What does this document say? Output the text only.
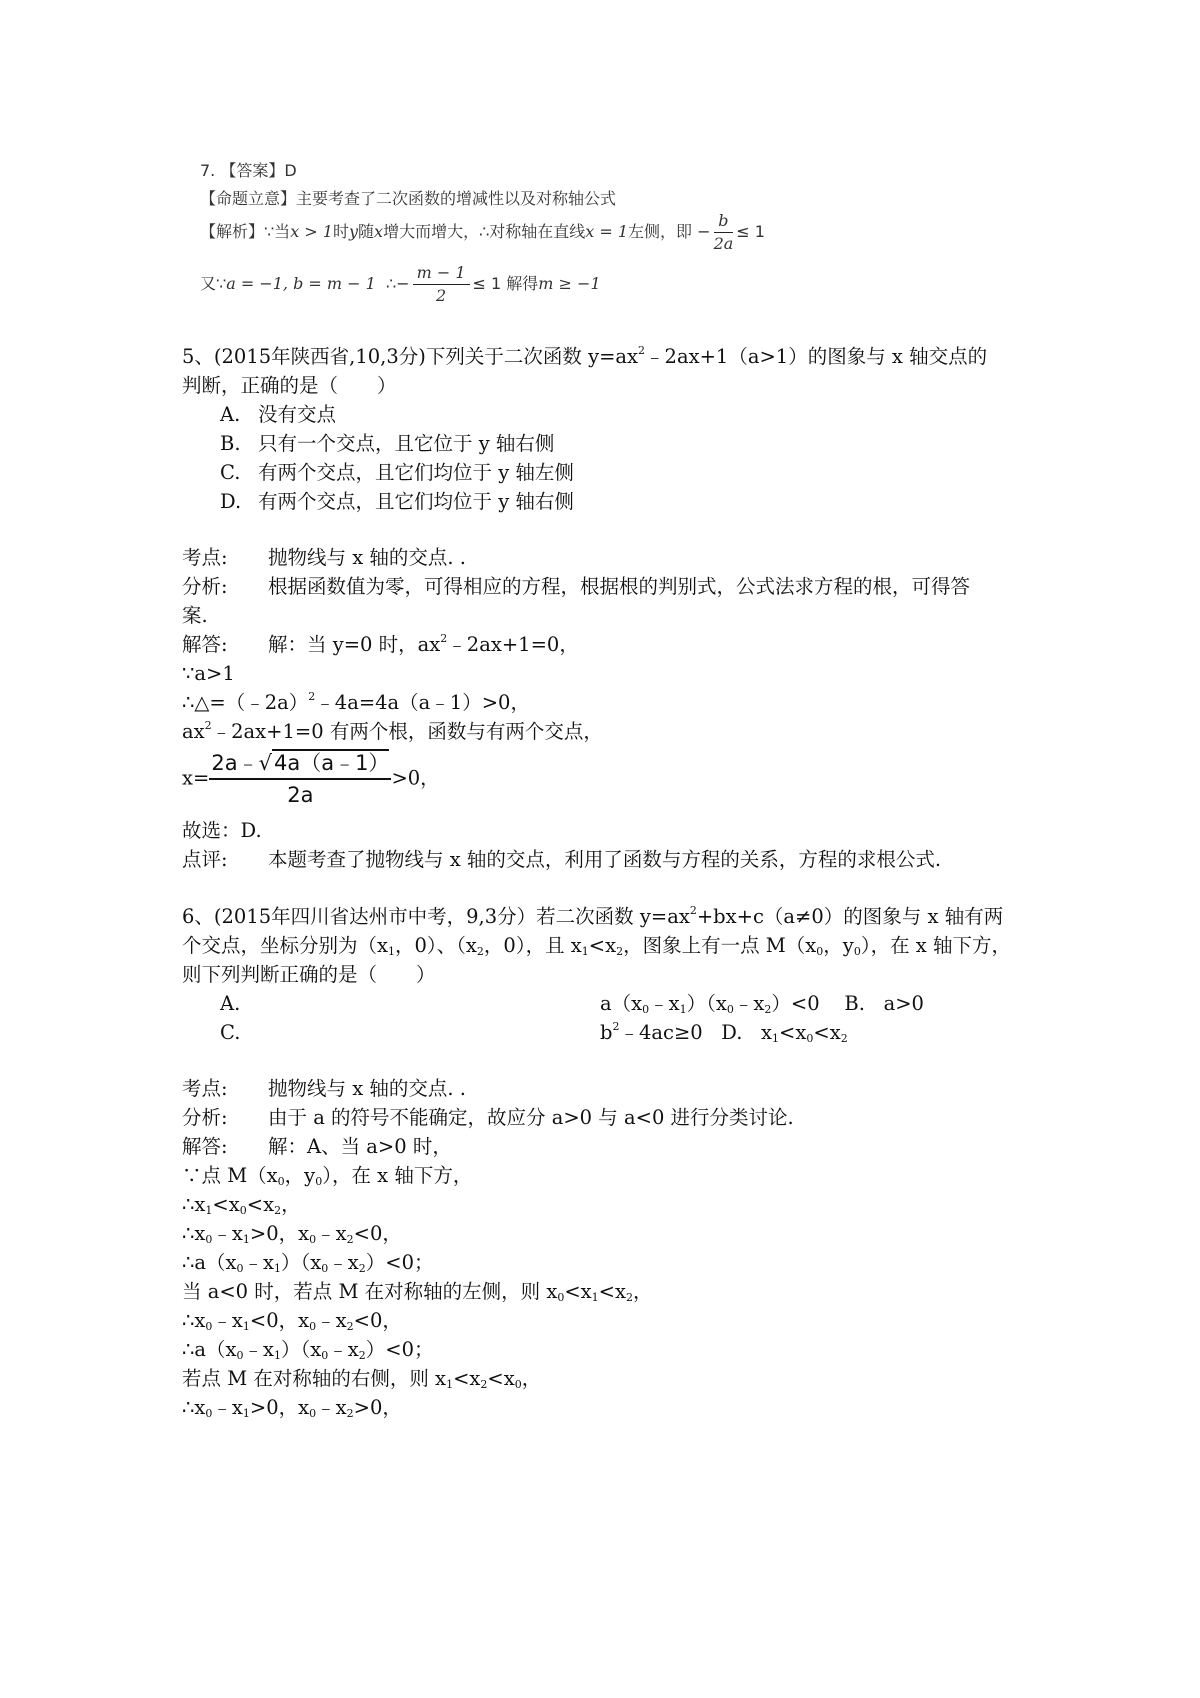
7. 【答案】D
【命题立意】主要考查了二次函数的增减性以及对称轴公式
【解析】∵当x > 1时y随x增大而增大，∴对称轴在直线x = 1左侧，即 − $\frac{b}{2a} \le 1$
又∵a = −1, b = m − 1 ∴− $\frac{m - 1}{2} \le 1$ 解得m ≥ −1
5、(2015年陕西省,10,3分)下列关于二次函数 $y=ax^2﹣2ax+1(a>1)$的图象与 x 轴交点的
判断，正确的是（　　）
A. 没有交点
B. 只有一个交点，且它位于 y 轴右侧
C. 有两个交点，且它们均位于 y 轴左侧
D. 有两个交点，且它们均位于 y 轴右侧
考点: 抛物线与 x 轴的交点. .
分析: 根据函数值为零，可得相应的方程，根据根的判别式，公式法求方程的根，可得答
案.
解答: 解：当 y=0 时，$ax^2﹣2ax+1=0$，
∵a>1
∴△=（﹣2a）$^2$﹣4a=4a（a﹣1）>0，
$ax^2﹣2ax+1=0$ 有两个根，函数与有两个交点，
$x= \frac{2a﹣√4a(a﹣1)}{2a} >0$，
故选：D.
点评: 本题考查了抛物线与 x 轴的交点，利用了函数与方程的关系，方程的求根公式.
6、(2015年四川省达州市中考，9,3分）若二次函数 $y=ax^2+bx+c(a\ne 0)$的图象与 x 轴有两
个交点，坐标分别为（$x_1$，0）、（$x_2$，0），且 $x_1<x_2$，图象上有一点 $M(x_0$，$y_0$），在 x 轴下方，
则下列判断正确的是（　　）
A.	$a(x_0﹣x_1)(x_0﹣x_2)<0$ B. a>0
C.	$b^2﹣4ac\ge 0$ D. $x_1<x_0<x_2$
考点: 抛物线与 x 轴的交点. .
分析: 由于 a 的符号不能确定，故应分 a>0 与 a<0 进行分类讨论.
解答: 解：A、当 a>0 时，
∵点 $M(x_0$，$y_0$），在 x 轴下方，
$\therefore x_1<x_0<x_2$，
$\therefore x_0﹣x_1>0$，$x_0﹣x_2<0$，
$\therefore a(x_0﹣x_1)(x_0﹣x_2)<0$；
当 a<0 时，若点 M 在对称轴的左侧，则 $x_0<x_1<x_2$，
$\therefore x_0﹣x_1<0$，$x_0﹣x_2<0$，
$\therefore a(x_0﹣x_1)(x_0﹣x_2)<0$；
若点 M 在对称轴的右侧，则 $x_1<x_2<x_0$，
$\therefore x_0﹣x_1>0$，$x_0﹣x_2>0$，
